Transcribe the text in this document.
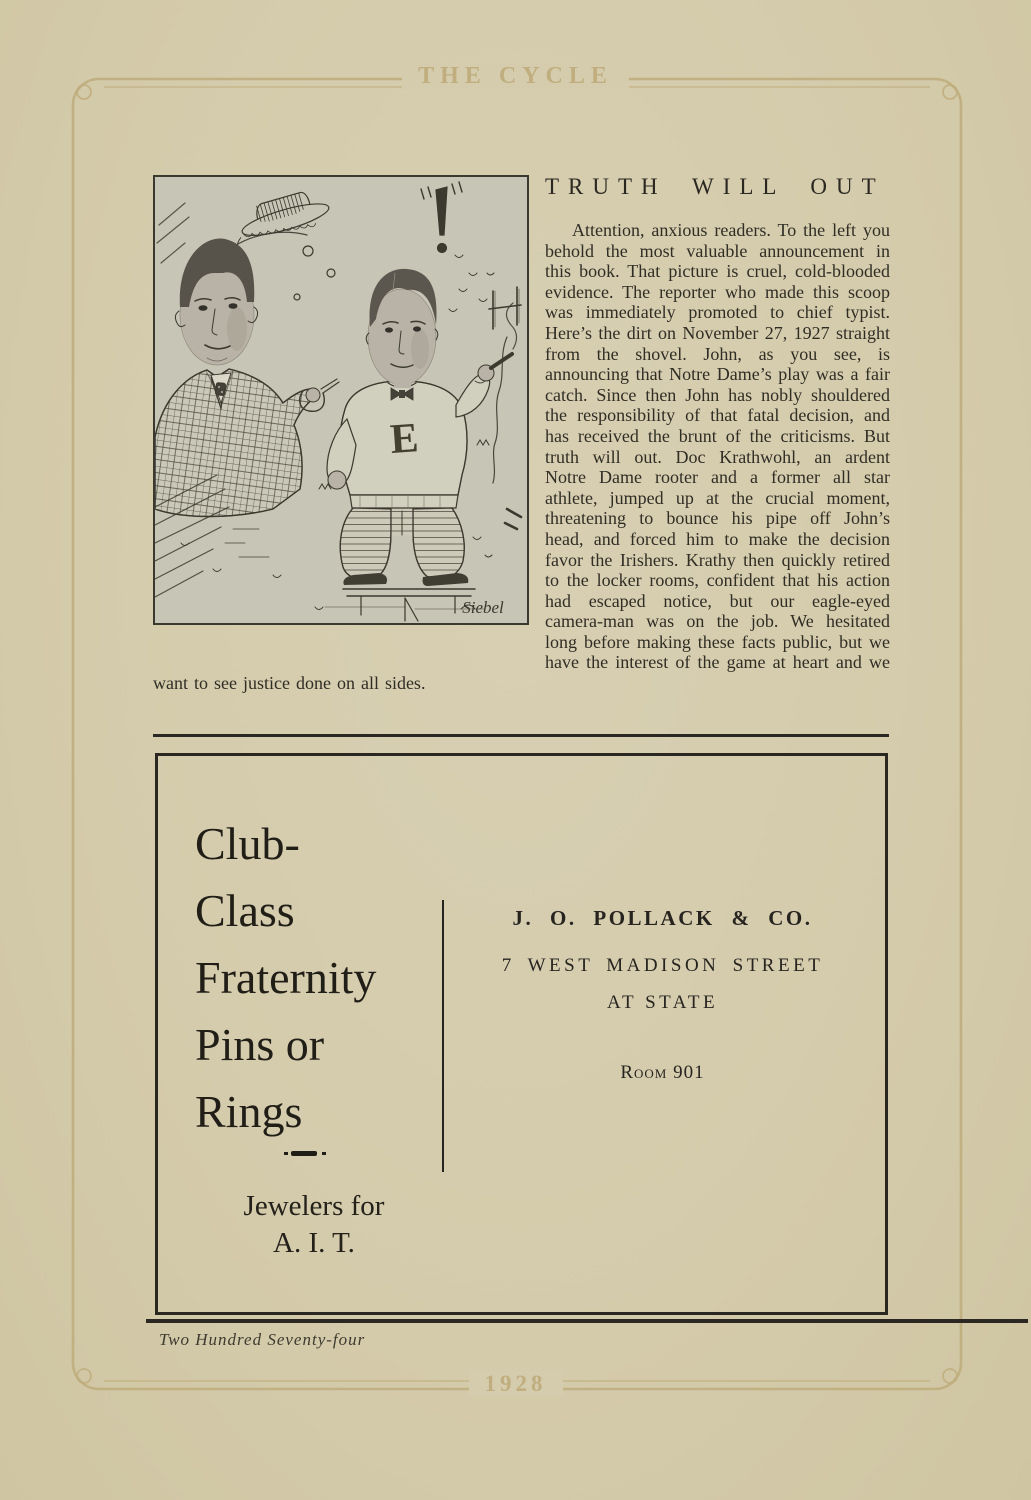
THE CYCLE
E
Siebel
TRUTH WILL OUT

Attention, anxious readers. To the left you behold the most valuable announcement in this book. That picture is cruel, cold-blooded evidence. The reporter who made this scoop was immediately promoted to chief typist. Here’s the dirt on November 27, 1927 straight from the shovel. John, as you see, is announcing that Notre Dame’s play was a fair catch. Since then John has nobly shouldered the responsibility of that fatal decision, and has received the brunt of the criticisms. But truth will out. Doc Krathwohl, an ardent Notre Dame rooter and a former all star athlete, jumped up at the crucial moment, threatening to bounce his pipe off John’s head, and forced him to make the decision favor the Irishers. Krathy then quickly retired to the locker rooms, confident that his action had escaped notice, but our eagle-eyed camera-man was on the job. We hesitated long before making these facts public, but we have the interest of the game at heart and we want to see justice done on all sides.

Club-
Class
Fraternity
Pins or
Rings
J. O. POLLACK & CO.
7 WEST MADISON STREET
AT STATE
Room 901
Jewelers for
A. I. T.
Two Hundred Seventy-four
1928
